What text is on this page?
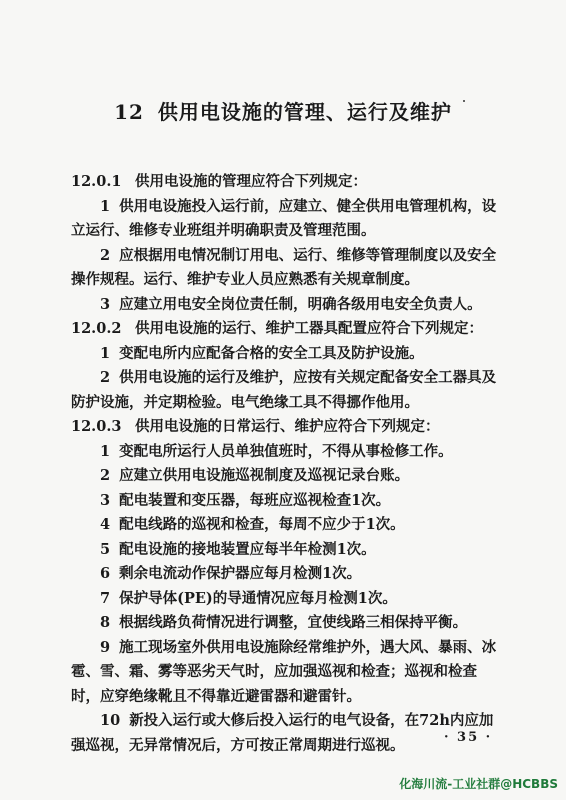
12 供用电设施的管理、运行及维护
12.0.1 供用电设施的管理应符合下列规定：
1 供用电设施投入运行前，应建立、健全供用电管理机构，设立运行、维修专业班组并明确职责及管理范围。
2 应根据用电情况制订用电、运行、维修等管理制度以及安全操作规程。运行、维护专业人员应熟悉有关规章制度。
3 应建立用电安全岗位责任制，明确各级用电安全负责人。
12.0.2 供用电设施的运行、维护工器具配置应符合下列规定：
1 变配电所内应配备合格的安全工具及防护设施。
2 供用电设施的运行及维护，应按有关规定配备安全工器具及防护设施，并定期检验。电气绝缘工具不得挪作他用。
12.0.3 供用电设施的日常运行、维护应符合下列规定：
1 变配电所运行人员单独值班时，不得从事检修工作。
2 应建立供用电设施巡视制度及巡视记录台账。
3 配电装置和变压器，每班应巡视检查1次。
4 配电线路的巡视和检查，每周不应少于1次。
5 配电设施的接地装置应每半年检测1次。
6 剩余电流动作保护器应每月检测1次。
7 保护导体(PE)的导通情况应每月检测1次。
8 根据线路负荷情况进行调整，宜使线路三相保持平衡。
9 施工现场室外供用电设施除经常维护外，遇大风、暴雨、冰雹、雪、霜、雾等恶劣天气时，应加强巡视和检查；巡视和检查时，应穿绝缘靴且不得靠近避雷器和避雷针。
10 新投入运行或大修后投入运行的电气设备，在72h内应加强巡视，无异常情况后，方可按正常周期进行巡视。	· 35 ·
化海川流-工业社群@HCBBS
